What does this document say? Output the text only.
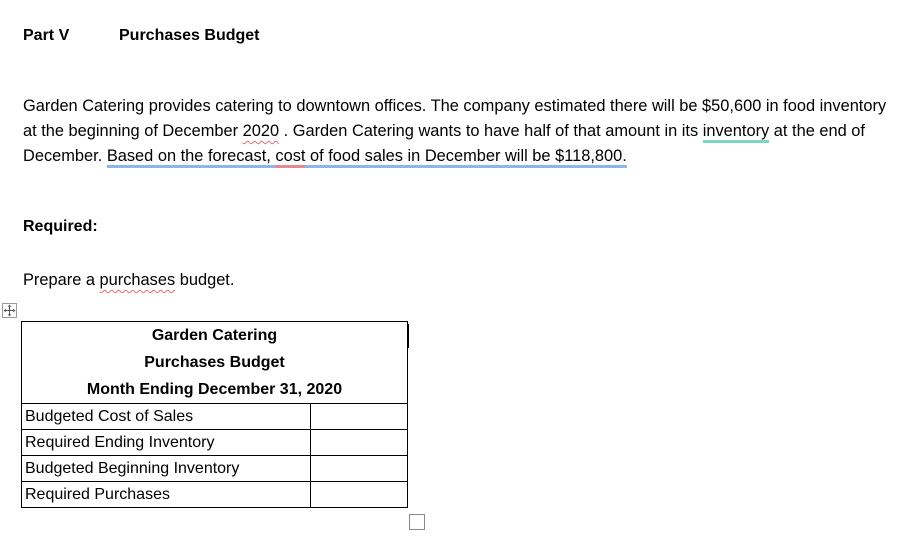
Part V	Purchases Budget
Garden Catering provides catering to downtown offices. The company estimated there will be $50,600 in food inventory at the beginning of December 2020 . Garden Catering wants to have half of that amount in its inventory at the end of December. Based on the forecast, cost of food sales in December will be $118,800.
Required:
Prepare a purchases budget.
Garden Catering
Purchases Budget
Month Ending December 31, 2020	

Budgeted Cost of Sales	
Required Ending Inventory	
Budgeted Beginning Inventory	
Required Purchases	
